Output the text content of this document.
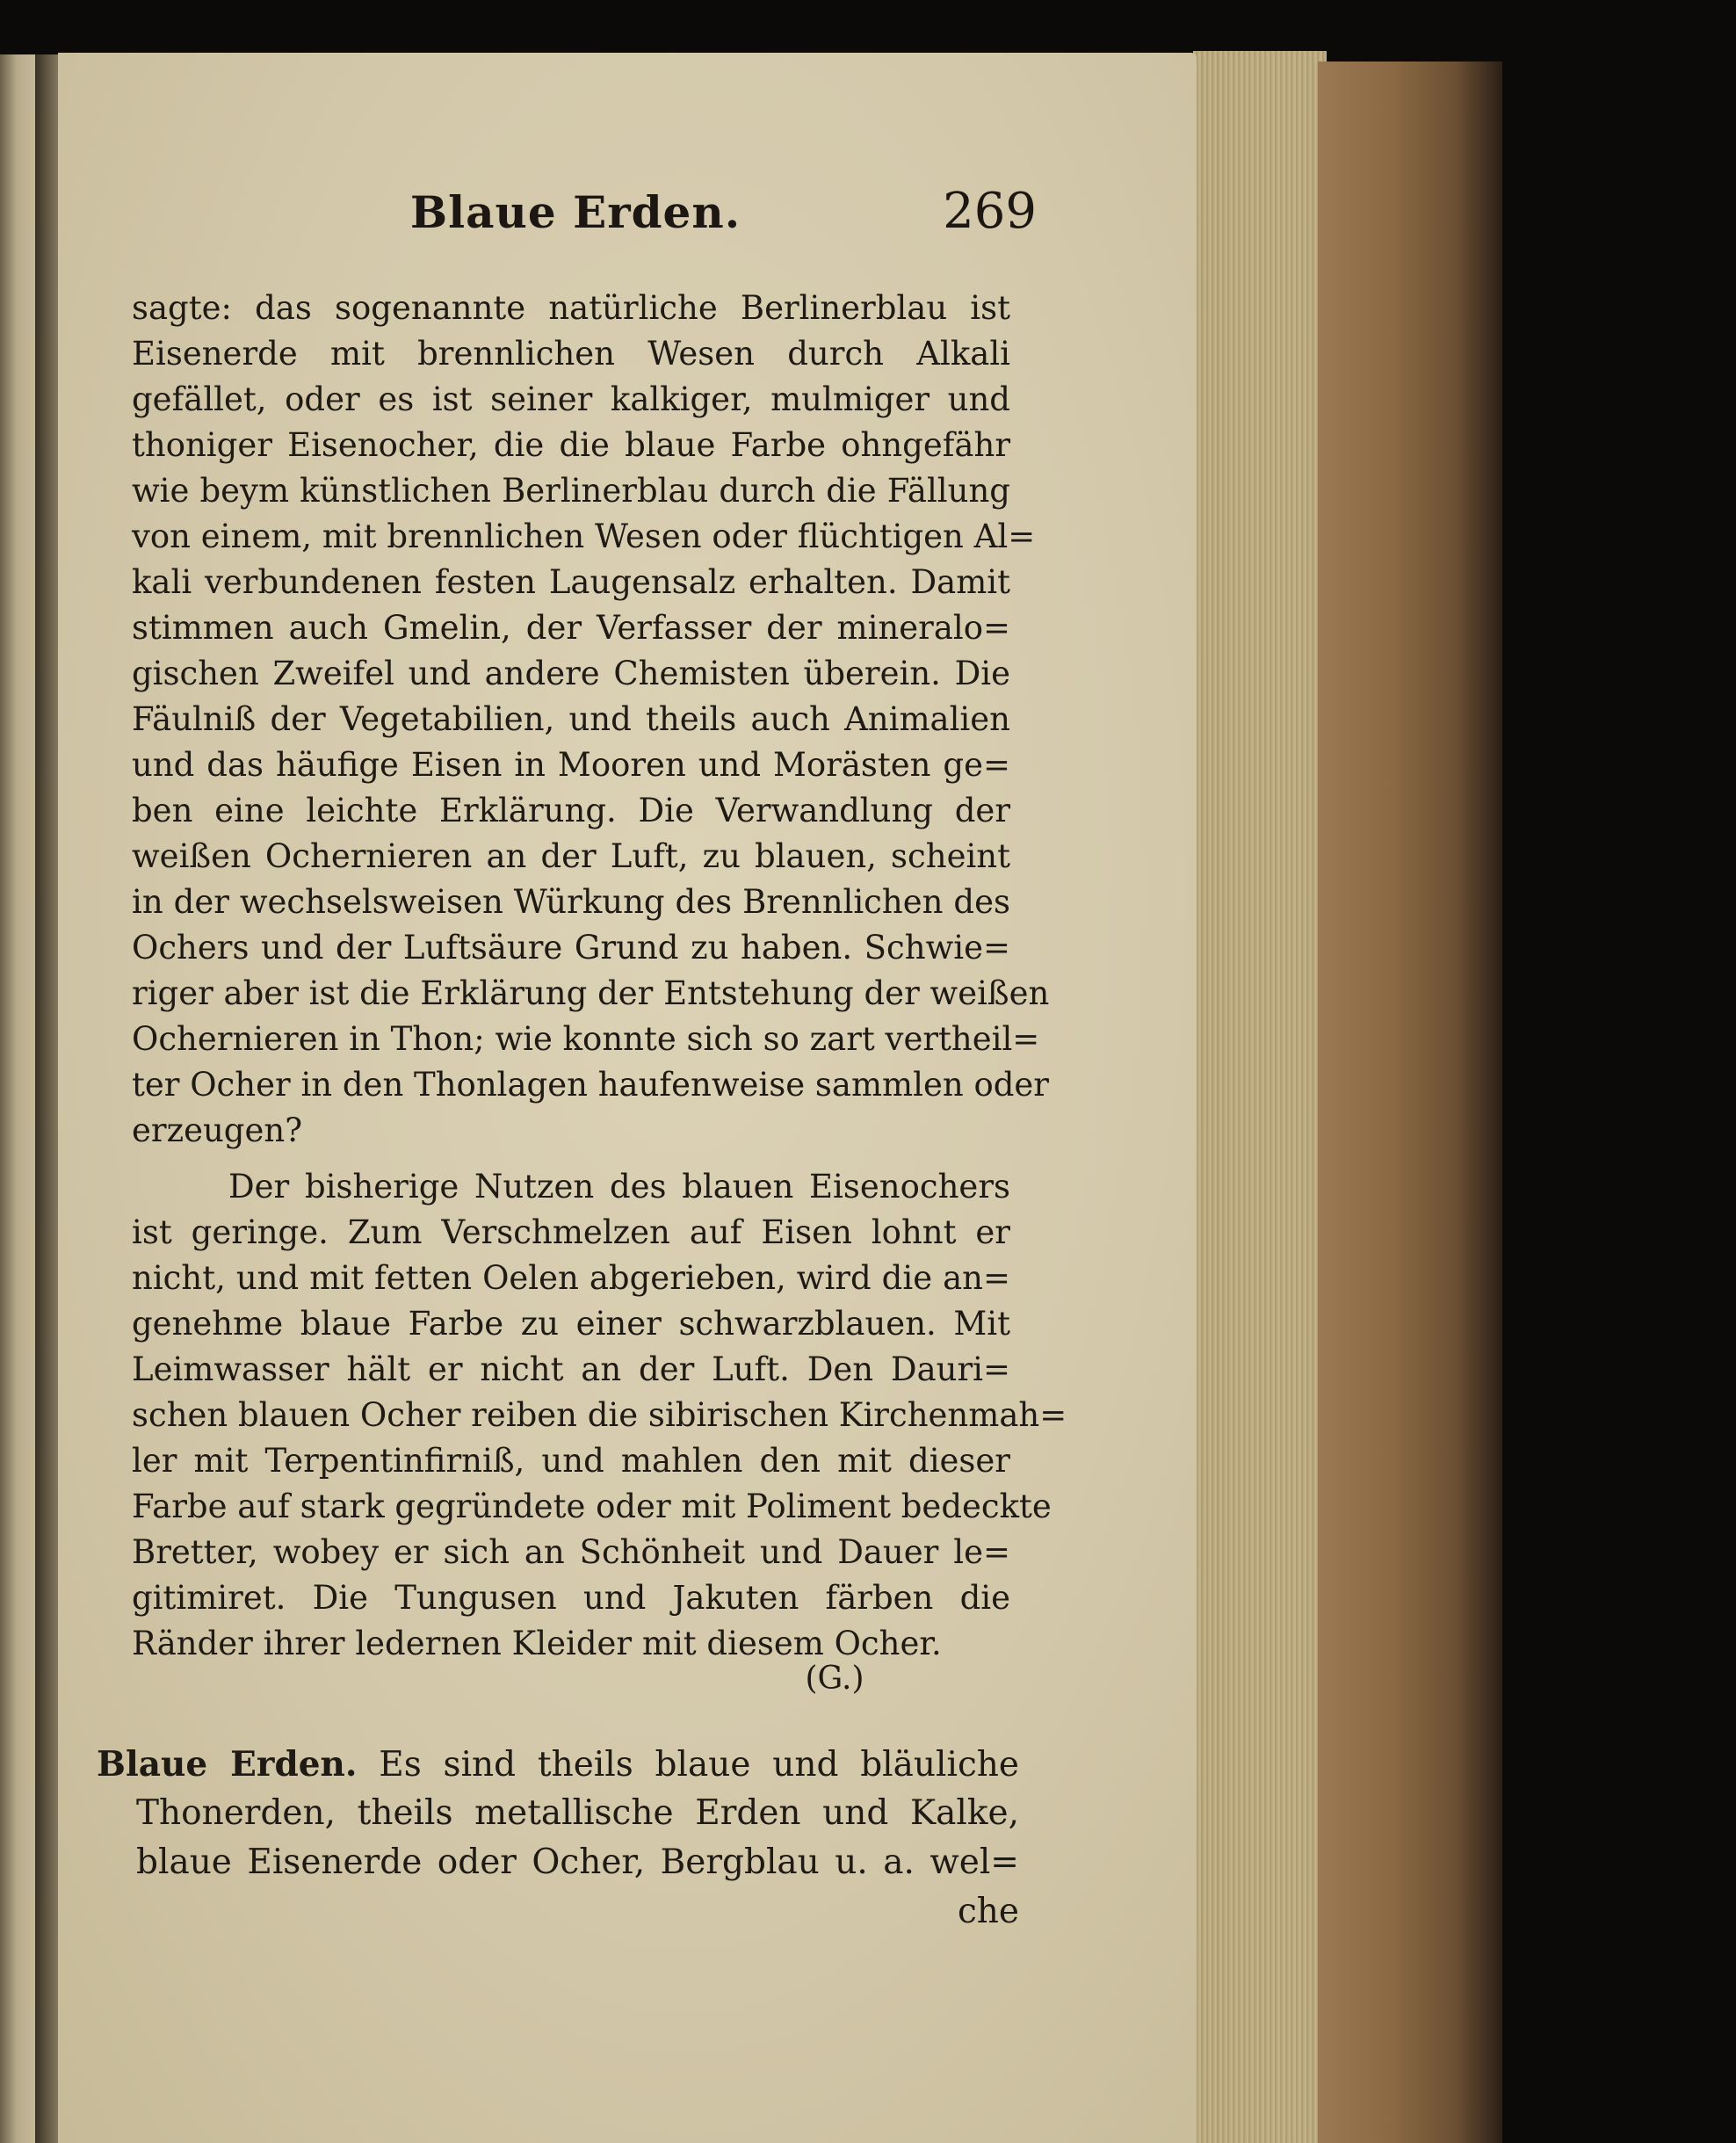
Blaue Erden.	269
sagte: das sogenannte natürliche Berlinerblau ist
Eisenerde mit brennlichen Wesen durch Alkali
gefället, oder es ist seiner kalkiger, mulmiger und
thoniger Eisenocher, die die blaue Farbe ohngefähr
wie beym künstlichen Berlinerblau durch die Fällung
von einem, mit brennlichen Wesen oder flüchtigen Al=
kali verbundenen festen Laugensalz erhalten. Damit
stimmen auch Gmelin, der Verfasser der mineralo=
gischen Zweifel und andere Chemisten überein. Die
Fäulniß der Vegetabilien, und theils auch Animalien
und das häufige Eisen in Mooren und Morästen ge=
ben eine leichte Erklärung. Die Verwandlung der
weißen Ochernieren an der Luft, zu blauen, scheint
in der wechselsweisen Würkung des Brennlichen des
Ochers und der Luftsäure Grund zu haben. Schwie=
riger aber ist die Erklärung der Entstehung der weißen
Ochernieren in Thon; wie konnte sich so zart vertheil=
ter Ocher in den Thonlagen haufenweise sammlen oder
erzeugen?
Der bisherige Nutzen des blauen Eisenochers
ist geringe. Zum Verschmelzen auf Eisen lohnt er
nicht, und mit fetten Oelen abgerieben, wird die an=
genehme blaue Farbe zu einer schwarzblauen. Mit
Leimwasser hält er nicht an der Luft. Den Dauri=
schen blauen Ocher reiben die sibirischen Kirchenmah=
ler mit Terpentinfirniß, und mahlen den mit dieser
Farbe auf stark gegründete oder mit Poliment bedeckte
Bretter, wobey er sich an Schönheit und Dauer le=
gitimiret. Die Tungusen und Jakuten färben die
Ränder ihrer ledernen Kleider mit diesem Ocher.
(G.)
Blaue Erden. Es sind theils blaue und bläuliche
Thonerden, theils metallische Erden und Kalke,
blaue Eisenerde oder Ocher, Bergblau u. a. wel=
che
